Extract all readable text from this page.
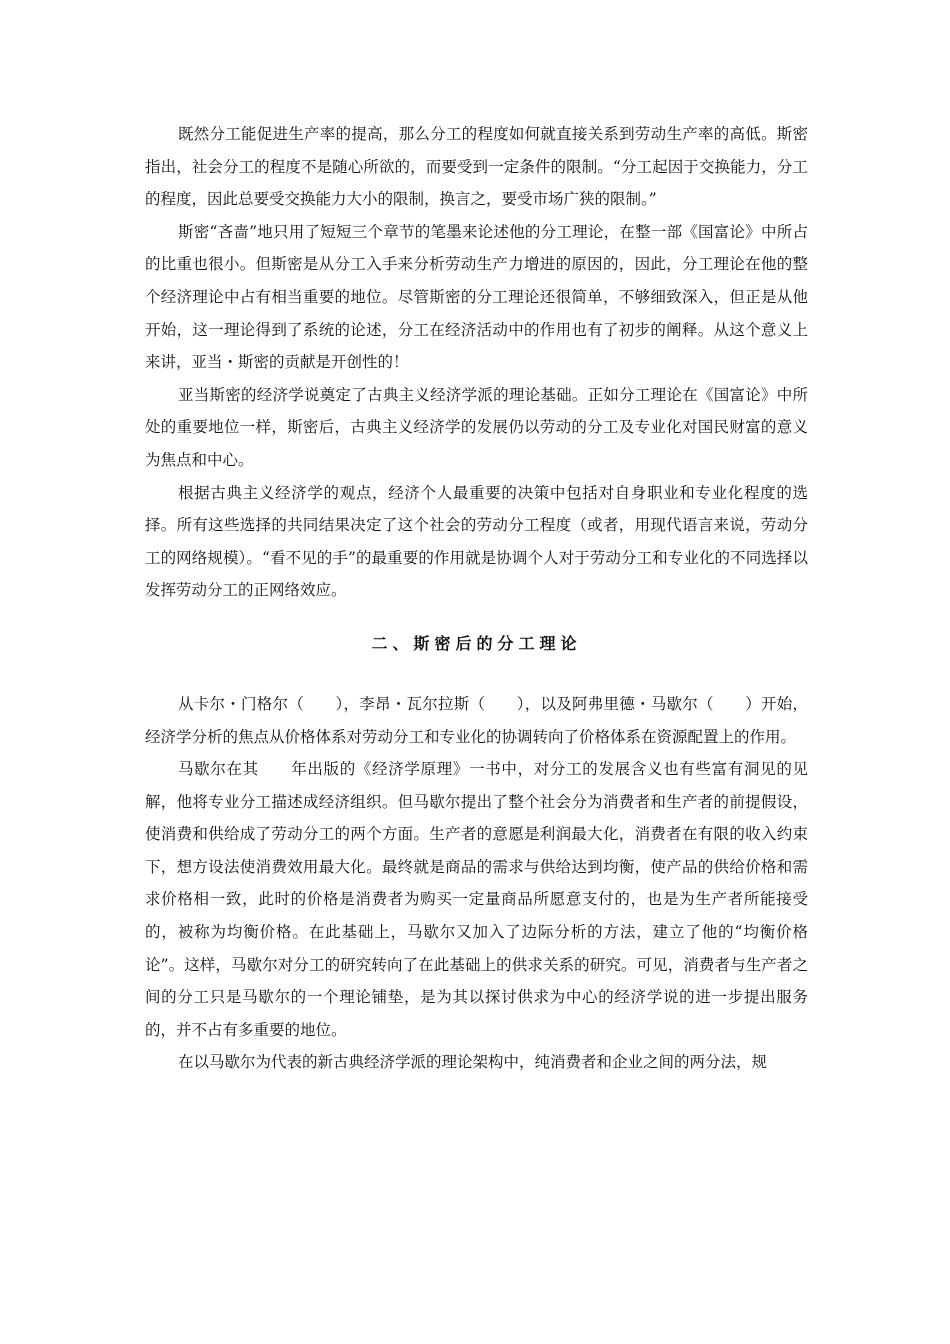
既然分工能促进生产率的提高，那么分工的程度如何就直接关系到劳动生产率的高低。斯密指出，社会分工的程度不是随心所欲的，而要受到一定条件的限制。“分工起因于交换能力，分工的程度，因此总要受交换能力大小的限制，换言之，要受市场广狭的限制。”

斯密“吝啬”地只用了短短三个章节的笔墨来论述他的分工理论，在整一部《国富论》中所占的比重也很小。但斯密是从分工入手来分析劳动生产力增进的原因的，因此，分工理论在他的整个经济理论中占有相当重要的地位。尽管斯密的分工理论还很简单，不够细致深入，但正是从他开始，这一理论得到了系统的论述，分工在经济活动中的作用也有了初步的阐释。从这个意义上来讲，亚当・斯密的贡献是开创性的！

亚当斯密的经济学说奠定了古典主义经济学派的理论基础。正如分工理论在《国富论》中所处的重要地位一样，斯密后，古典主义经济学的发展仍以劳动的分工及专业化对国民财富的意义为焦点和中心。

根据古典主义经济学的观点，经济个人最重要的决策中包括对自身职业和专业化程度的选择。所有这些选择的共同结果决定了这个社会的劳动分工程度（或者，用现代语言来说，劳动分工的网络规模）。“看不见的手”的最重要的作用就是协调个人对于劳动分工和专业化的不同选择以发挥劳动分工的正网络效应。

二、斯密后的分工理论

从卡尔・门格尔（　　），李昂・瓦尔拉斯（　　），以及阿弗里德・马歇尔（　　）开始，经济学分析的焦点从价格体系对劳动分工和专业化的协调转向了价格体系在资源配置上的作用。

马歇尔在其　　年出版的《经济学原理》一书中，对分工的发展含义也有些富有洞见的见解，他将专业分工描述成经济组织。但马歇尔提出了整个社会分为消费者和生产者的前提假设，使消费和供给成了劳动分工的两个方面。生产者的意愿是利润最大化，消费者在有限的收入约束下，想方设法使消费效用最大化。最终就是商品的需求与供给达到均衡，使产品的供给价格和需求价格相一致，此时的价格是消费者为购买一定量商品所愿意支付的，也是为生产者所能接受的，被称为均衡价格。在此基础上，马歇尔又加入了边际分析的方法，建立了他的“均衡价格论”。这样，马歇尔对分工的研究转向了在此基础上的供求关系的研究。可见，消费者与生产者之间的分工只是马歇尔的一个理论铺垫，是为其以探讨供求为中心的经济学说的进一步提出服务的，并不占有多重要的地位。

在以马歇尔为代表的新古典经济学派的理论架构中，纯消费者和企业之间的两分法，规
